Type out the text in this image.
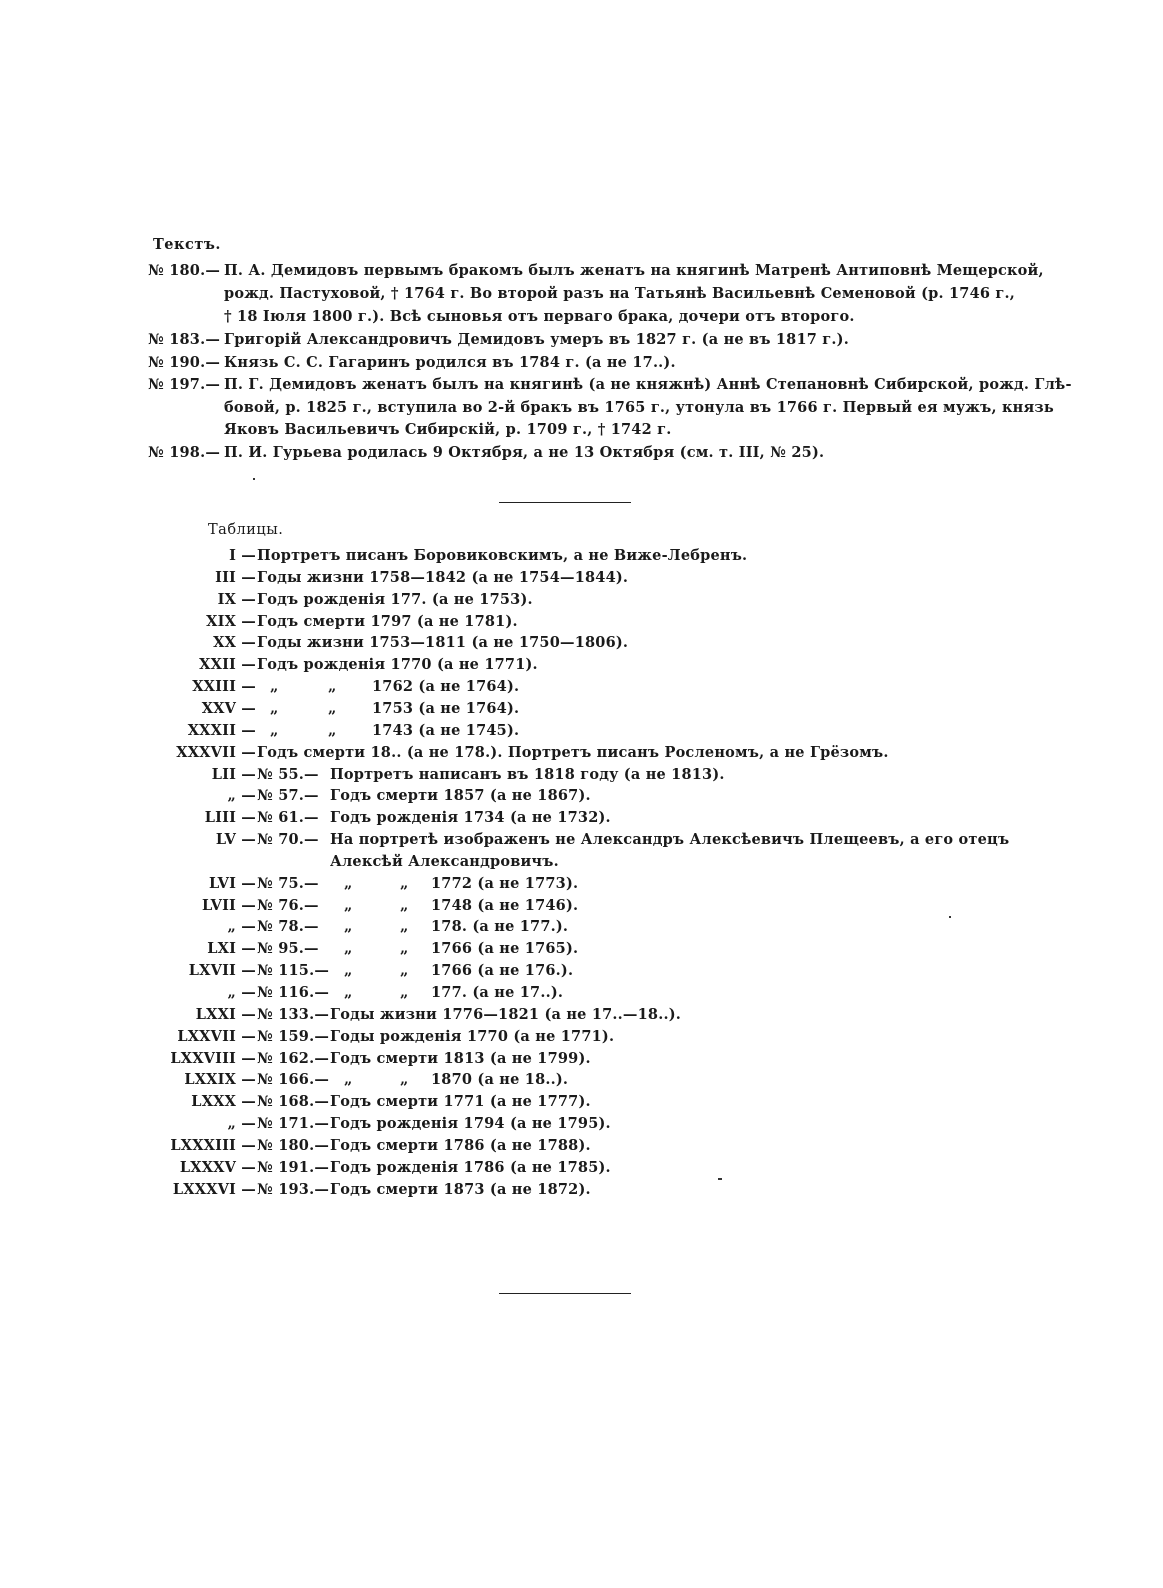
Текстъ.
№ 180.— П. А. Демидовъ первымъ бракомъ былъ женатъ на княгинѣ Матренѣ Антиповнѣ Мещерской,
рожд. Пастуховой, † 1764 г. Во второй разъ на Татьянѣ Васильевнѣ Семеновой (р. 1746 г.,
† 18 Іюля 1800 г.). Всѣ сыновья отъ перваго брака, дочери отъ второго.
№ 183.— Григорій Александровичъ Демидовъ умеръ въ 1827 г. (а не въ 1817 г.).
№ 190.— Князь С. С. Гагаринъ родился въ 1784 г. (а не 17..).
№ 197.— П. Г. Демидовъ женатъ былъ на княгинѣ (а не княжнѣ) Аннѣ Степановнѣ Сибирской, рожд. Глѣ-
бовой, р. 1825 г., вступила во 2-й бракъ въ 1765 г., утонула въ 1766 г. Первый ея мужъ, князь
Яковъ Васильевичъ Сибирскій, р. 1709 г., † 1742 г.
№ 198.— П. И. Гурьева родилась 9 Октября, а не 13 Октября (см. т. III, № 25).
Таблицы.
I — Портретъ писанъ Боровиковскимъ, а не Виже-Лебренъ.
III — Годы жизни 1758—1842 (а не 1754—1844).
IX — Годъ рожденія 177. (а не 1753).
XIX — Годъ смерти 1797 (а не 1781).
XX — Годы жизни 1753—1811 (а не 1750—1806).
XXII — Годъ рожденія 1770 (а не 1771).
XXIII — „	„ 1762 (а не 1764).
XXV — „	„ 1753 (а не 1764).
XXXII — „	„ 1743 (а не 1745).
XXXVII — Годъ смерти 18.. (а не 178.). Портретъ писанъ Росленомъ, а не Грёзомъ.
LII — № 55.— Портретъ написанъ въ 1818 году (а не 1813).
„ — № 57.— Годъ смерти 1857 (а не 1867).
LIII — № 61.— Годъ рожденія 1734 (а не 1732).
LV — № 70.— На портретѣ изображенъ не Александръ Алексѣевичъ Плещеевъ, а его отецъ
Алексѣй Александровичъ.
LVI — № 75.— „	„ 1772 (а не 1773).
LVII — № 76.— „	„ 1748 (а не 1746).
„ — № 78.— „	„ 178. (а не 177.).
LXI — № 95.— „	„ 1766 (а не 1765).
LXVII — № 115.— „	„ 1766 (а не 176.).
„ — № 116.— „	„ 177. (а не 17..).
LXXI — № 133.— Годы жизни 1776—1821 (а не 17..—18..).
LXXVII — № 159.— Годы рожденія 1770 (а не 1771).
LXXVIII — № 162.— Годъ смерти 1813 (а не 1799).
LXXIX — № 166.— „	„ 1870 (а не 18..).
LXXX — № 168.— Годъ смерти 1771 (а не 1777).
„ — № 171.— Годъ рожденія 1794 (а не 1795).
LXXXIII — № 180.— Годъ смерти 1786 (а не 1788).
LXXXV — № 191.— Годъ рожденія 1786 (а не 1785).
LXXXVI — № 193.— Годъ смерти 1873 (а не 1872).
